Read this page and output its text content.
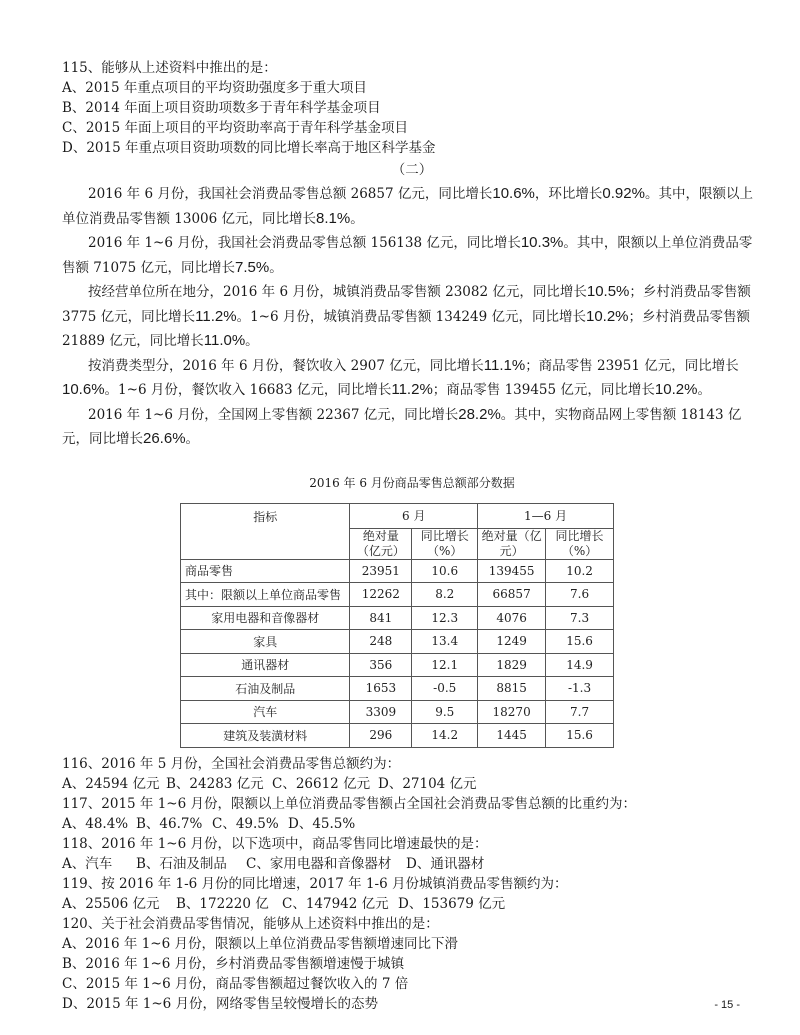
115、能够从上述资料中推出的是：
A、2015 年重点项目的平均资助强度多于重大项目
B、2014 年面上项目资助项数多于青年科学基金项目
C、2015 年面上项目的平均资助率高于青年科学基金项目
D、2015 年重点项目资助项数的同比增长率高于地区科学基金
（二）

2016 年 6 月份，我国社会消费品零售总额 26857 亿元，同比增长10.6%，环比增长0.92%。其中，限额以上单位消费品零售额 13006 亿元，同比增长8.1%。

2016 年 1~6 月份，我国社会消费品零售总额 156138 亿元，同比增长10.3%。其中，限额以上单位消费品零售额 71075 亿元，同比增长7.5%。

按经营单位所在地分，2016 年 6 月份，城镇消费品零售额 23082 亿元，同比增长10.5%；乡村消费品零售额 3775 亿元，同比增长11.2%。1~6 月份，城镇消费品零售额 134249 亿元，同比增长10.2%；乡村消费品零售额 21889 亿元，同比增长11.0%。

按消费类型分，2016 年 6 月份，餐饮收入 2907 亿元，同比增长11.1%；商品零售 23951 亿元，同比增长10.6%。1~6 月份，餐饮收入 16683 亿元，同比增长11.2%；商品零售 139455 亿元，同比增长10.2%。

2016 年 1~6 月份，全国网上零售额 22367 亿元，同比增长28.2%。其中，实物商品网上零售额 18143 亿元，同比增长26.6%。

2016 年 6 月份商品零售总额部分数据
指标	6 月		1—6 月	
	绝对量（亿元）	同比增长（%）	绝对量（亿元）	同比增长（%）
商品零售	23951	10.6	139455	10.2
其中：限额以上单位商品零售	12262	8.2	66857	7.6
家用电器和音像器材	841	12.3	4076	7.3
家具	248	13.4	1249	15.6
通讯器材	356	12.1	1829	14.9
石油及制品	1653	-0.5	8815	-1.3
汽车	3309	9.5	18270	7.7
建筑及装潢材料	296	14.2	1445	15.6
116、2016 年 5 月份，全国社会消费品零售总额约为：
A、24594 亿元 B、24283 亿元 C、26612 亿元 D、27104 亿元
117、2015 年 1~6 月份，限额以上单位消费品零售额占全国社会消费品零售总额的比重约为：
A、48.4% B、46.7% C、49.5% D、45.5%
118、2016 年 1~6 月份，以下选项中，商品零售同比增速最快的是：
A、汽车 B、石油及制品 C、家用电器和音像器材 D、通讯器材
119、按 2016 年 1-6 月份的同比增速，2017 年 1-6 月份城镇消费品零售额约为：
A、25506 亿元 B、172220 亿 C、147942 亿元 D、153679 亿元
120、关于社会消费品零售情况，能够从上述资料中推出的是：
A、2016 年 1~6 月份，限额以上单位消费品零售额增速同比下滑
B、2016 年 1~6 月份，乡村消费品零售额增速慢于城镇
C、2015 年 1~6 月份，商品零售额超过餐饮收入的 7 倍
D、2015 年 1~6 月份，网络零售呈较慢增长的态势	- 15 -
